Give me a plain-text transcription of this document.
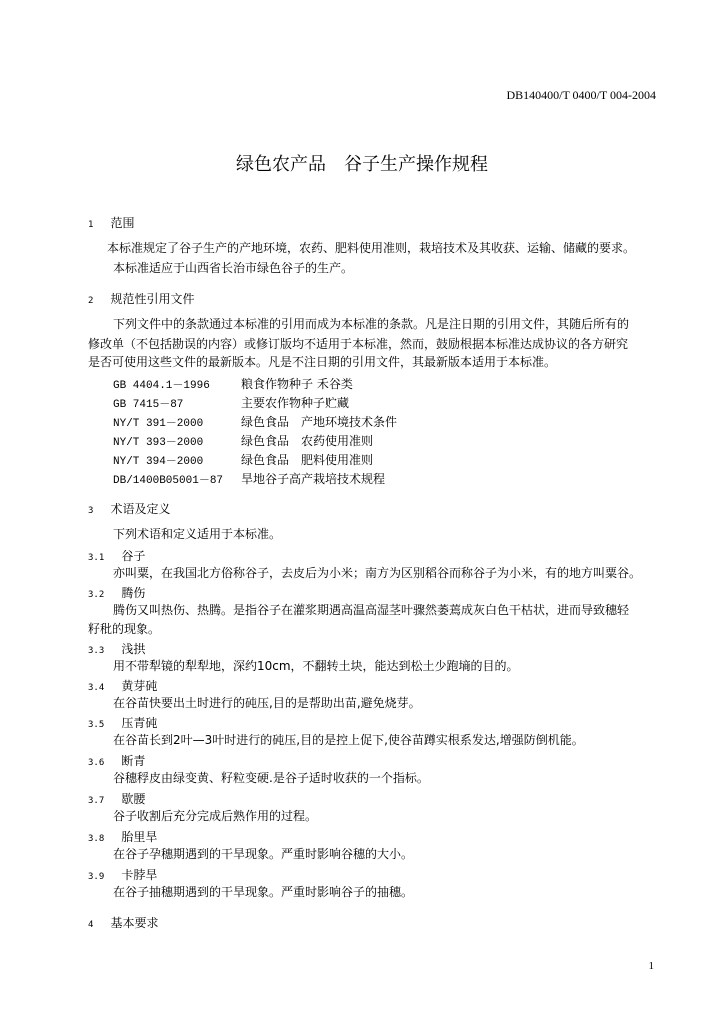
DB140400/T 0400/T 004-2004
绿色农产品　谷子生产操作规程
1 范围
本标准规定了谷子生产的产地环境，农药、肥料使用准则，栽培技术及其收获、运输、储藏的要求。
本标准适应于山西省长治市绿色谷子的生产。
2 规范性引用文件
下列文件中的条款通过本标准的引用而成为本标准的条款。凡是注日期的引用文件，其随后所有的
修改单（不包括勘误的内容）或修订版均不适用于本标准，然而，鼓励根据本标准达成协议的各方研究
是否可使用这些文件的最新版本。凡是不注日期的引用文件，其最新版本适用于本标准。
GB 4404.1－1996	粮食作物种子 禾谷类
GB 7415－87	主要农作物种子贮藏
NY/T 391－2000	绿色食品　产地环境技术条件
NY/T 393－2000	绿色食品　农药使用准则
NY/T 394－2000	绿色食品　肥料使用准则
DB/1400B05001－87 旱地谷子高产栽培技术规程
3 术语及定义
下列术语和定义适用于本标准。
3.1 谷子
亦叫粟，在我国北方俗称谷子，去皮后为小米；南方为区别稻谷而称谷子为小米，有的地方叫粟谷。
3.2 腾伤
腾伤又叫热伤、热腾。是指谷子在灌浆期遇高温高湿茎叶骤然萎蔫成灰白色干枯状，进而导致穗轻
籽秕的现象。
3.3 浅拱
用不带犁镜的犁犁地，深约10cm，不翻转土块，能达到松土少跑墒的目的。
3.4 黄芽砘
在谷苗快要出土时进行的砘压,目的是帮助出苗,避免烧芽。
3.5 压青砘
在谷苗长到2叶—3叶时进行的砘压,目的是控上促下,使谷苗蹲实根系发达,增强防倒机能。
3.6 断青
谷穗稃皮由绿变黄、籽粒变硬.是谷子适时收获的一个指标。
3.7 歇腰
谷子收割后充分完成后熟作用的过程。
3.8 胎里旱
在谷子孕穗期遇到的干旱现象。严重时影响谷穗的大小。
3.9 卡脖旱
在谷子抽穗期遇到的干旱现象。严重时影响谷子的抽穗。
4 基本要求
1
